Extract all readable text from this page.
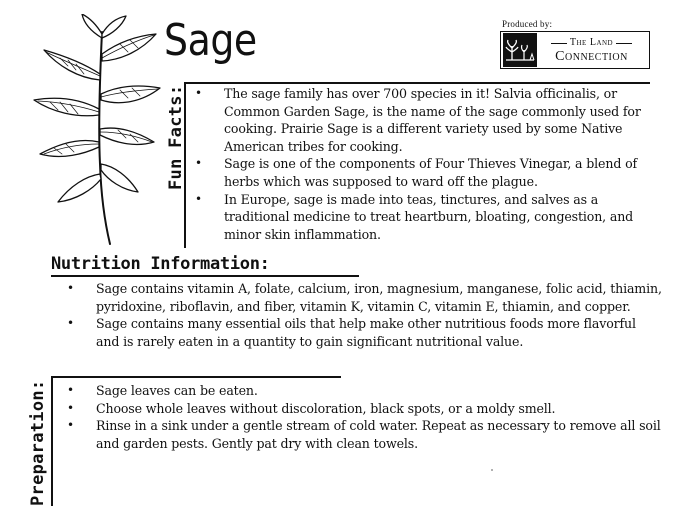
Sage	Produced by:
The Land
Connection
Fun Facts: • The sage family has over 700 species in it! Salvia officinalis, or Common Garden Sage, is the name of the sage commonly used for cooking. Prairie Sage is a different variety used by some Native American tribes for cooking.
• Sage is one of the components of Four Thieves Vinegar, a blend of herbs which was supposed to ward off the plague.
• In Europe, sage is made into teas, tinctures, and salves as a traditional medicine to treat heartburn, bloating, congestion, and minor skin inflammation.
Nutrition Information:
• Sage contains vitamin A, folate, calcium, iron, magnesium, manganese, folic acid, thiamin, pyridoxine, riboflavin, and fiber, vitamin K, vitamin C, vitamin E, thiamin, and copper.
• Sage contains many essential oils that help make other nutritious foods more flavorful and is rarely eaten in a quantity to gain significant nutritional value.
Preparation: • Sage leaves can be eaten.
• Choose whole leaves without discoloration, black spots, or a moldy smell.
• Rinse in a sink under a gentle stream of cold water. Repeat as necessary to remove all soil and garden pests. Gently pat dry with clean towels.
